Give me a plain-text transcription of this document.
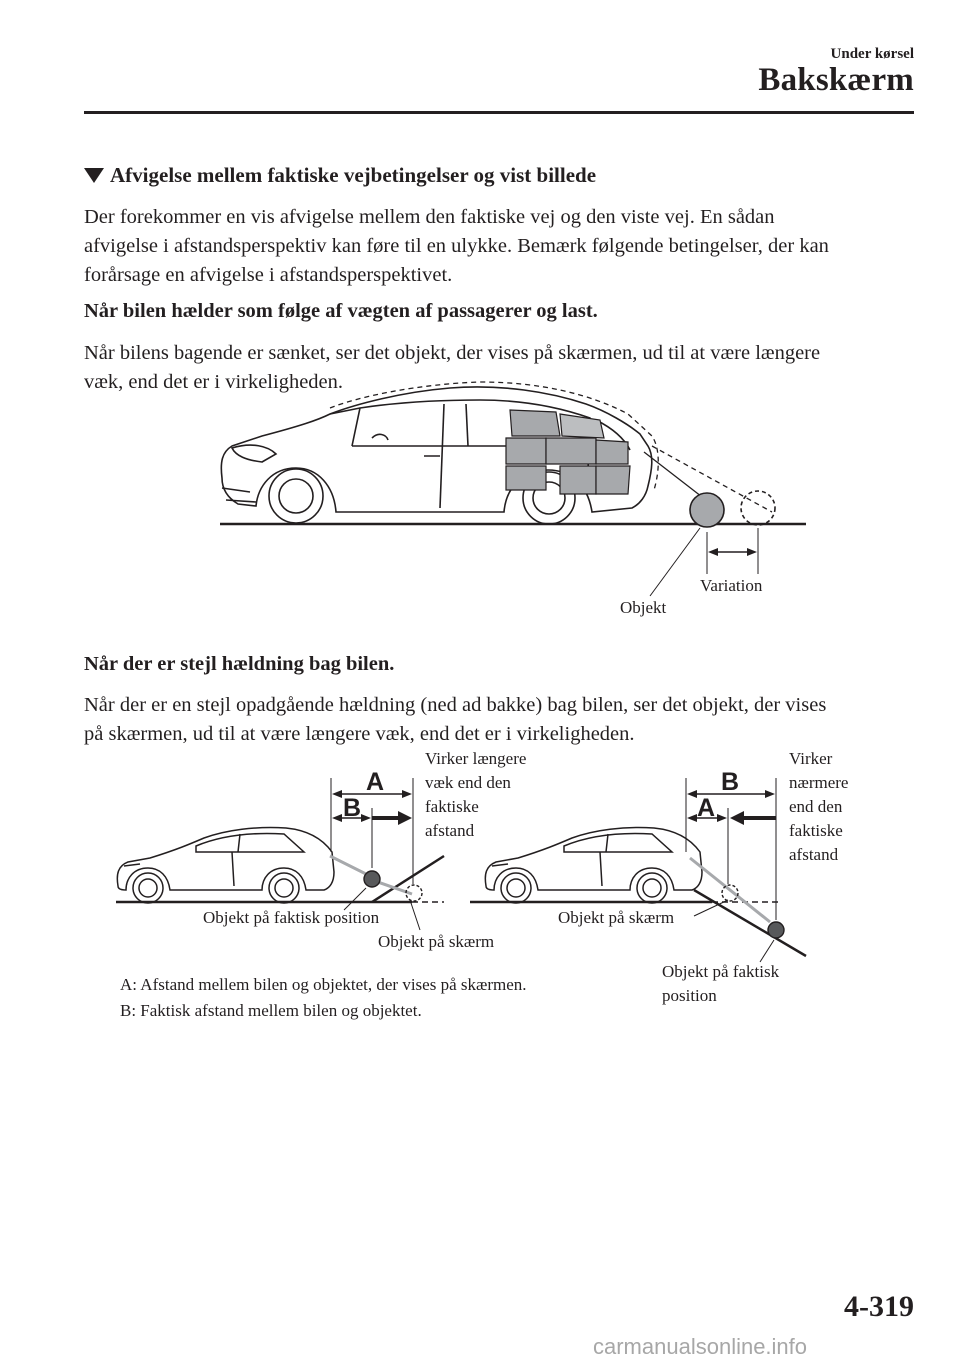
Under kørsel
Bakskærm
Afvigelse mellem faktiske vejbetingelser og vist billede
Der forekommer en vis afvigelse mellem den faktiske vej og den viste vej. En sådan
afvigelse i afstandsperspektiv kan føre til en ulykke. Bemærk følgende betingelser, der kan
forårsage en afvigelse i afstandsperspektivet.
Når bilen hælder som følge af vægten af passagerer og last.
Når bilens bagende er sænket, ser det objekt, der vises på skærmen, ud til at være længere
væk, end det er i virkeligheden.
Variation
Objekt
Når der er stejl hældning bag bilen.
Når der er en stejl opadgående hældning (ned ad bakke) bag bilen, ser det objekt, der vises
på skærmen, ud til at være længere væk, end det er i virkeligheden.
A
B
Virker længere
væk end den
faktiske
afstand
Objekt på faktisk position
Objekt på skærm
B
A
Virker
nærmere
end den
faktiske
afstand
Objekt på skærm
Objekt på faktisk
position
A: Afstand mellem bilen og objektet, der vises på skærmen.
B: Faktisk afstand mellem bilen og objektet.
4-319
carmanualsonline.info
